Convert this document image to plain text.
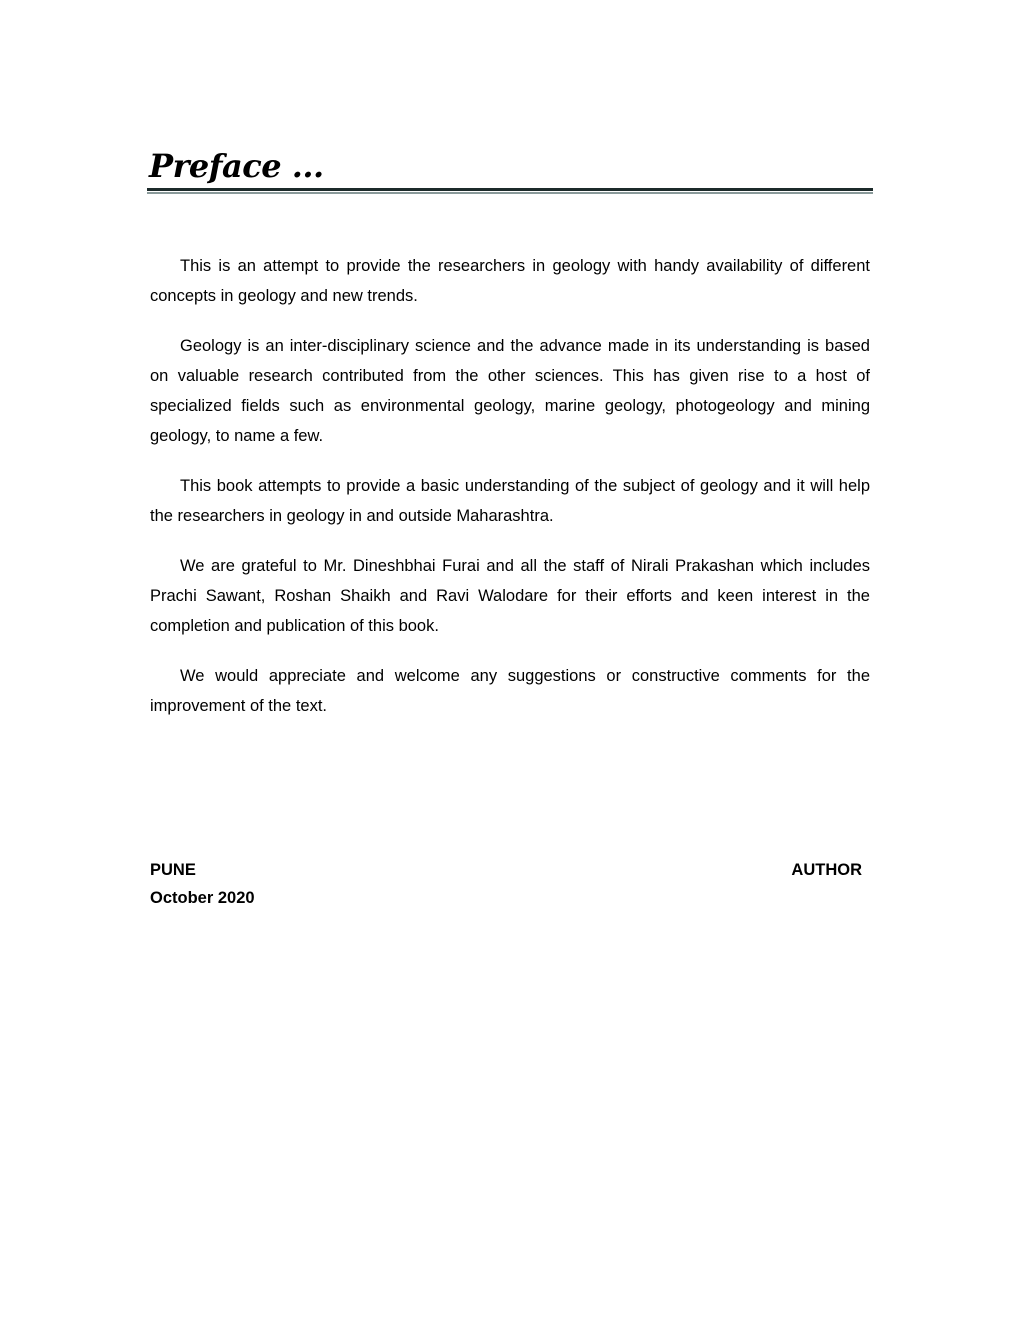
Preface ...

This is an attempt to provide the researchers in geology with handy availability of different concepts in geology and new trends.

Geology is an inter-disciplinary science and the advance made in its understanding is based on valuable research contributed from the other sciences. This has given rise to a host of specialized fields such as environmental geology, marine geology, photogeology and mining geology, to name a few.

This book attempts to provide a basic understanding of the subject of geology and it will help the researchers in geology in and outside Maharashtra.

We are grateful to Mr. Dineshbhai Furai and all the staff of Nirali Prakashan which includes Prachi Sawant, Roshan Shaikh and Ravi Walodare for their efforts and keen interest in the completion and publication of this book.

We would appreciate and welcome any suggestions or constructive comments for the improvement of the text.

PUNE
October 2020
AUTHOR
